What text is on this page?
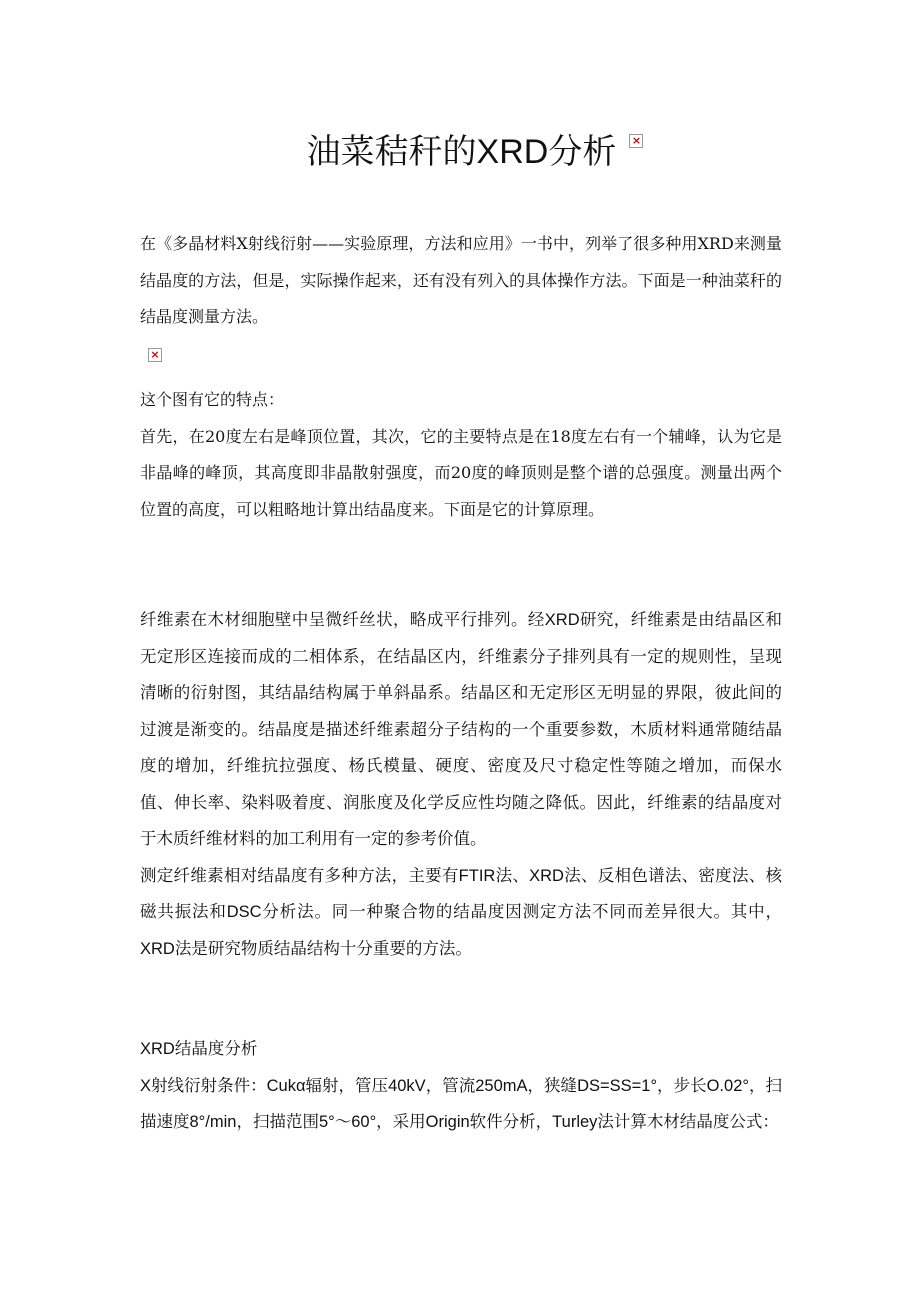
油菜秸秆的XRD分析 ×

在《多晶材料X射线衍射——实验原理，方法和应用》一书中，列举了很多种用XRD来测量结晶度的方法，但是，实际操作起来，还有没有列入的具体操作方法。下面是一种油菜秆的结晶度测量方法。

×

这个图有它的特点：

首先，在20度左右是峰顶位置，其次，它的主要特点是在18度左右有一个辅峰，认为它是非晶峰的峰顶，其高度即非晶散射强度，而20度的峰顶则是整个谱的总强度。测量出两个位置的高度，可以粗略地计算出结晶度来。下面是它的计算原理。

纤维素在木材细胞壁中呈微纤丝状，略成平行排列。经XRD研究，纤维素是由结晶区和无定形区连接而成的二相体系，在结晶区内，纤维素分子排列具有一定的规则性，呈现清晰的衍射图，其结晶结构属于单斜晶系。结晶区和无定形区无明显的界限，彼此间的过渡是渐变的。结晶度是描述纤维素超分子结构的一个重要参数，木质材料通常随结晶度的增加，纤维抗拉强度、杨氏模量、硬度、密度及尺寸稳定性等随之增加，而保水值、伸长率、染料吸着度、润胀度及化学反应性均随之降低。因此，纤维素的结晶度对于木质纤维材料的加工利用有一定的参考价值。

测定纤维素相对结晶度有多种方法，主要有FTIR法、XRD法、反相色谱法、密度法、核磁共振法和DSC分析法。同一种聚合物的结晶度因测定方法不同而差异很大。其中，XRD法是研究物质结晶结构十分重要的方法。

XRD结晶度分析

X射线衍射条件：Cukα辐射，管压40kV，管流250mA，狭缝DS=SS=1°，步长O.02°，扫描速度8°/min，扫描范围5°～60°，采用Origin软件分析，Turley法计算木材结晶度公式：
